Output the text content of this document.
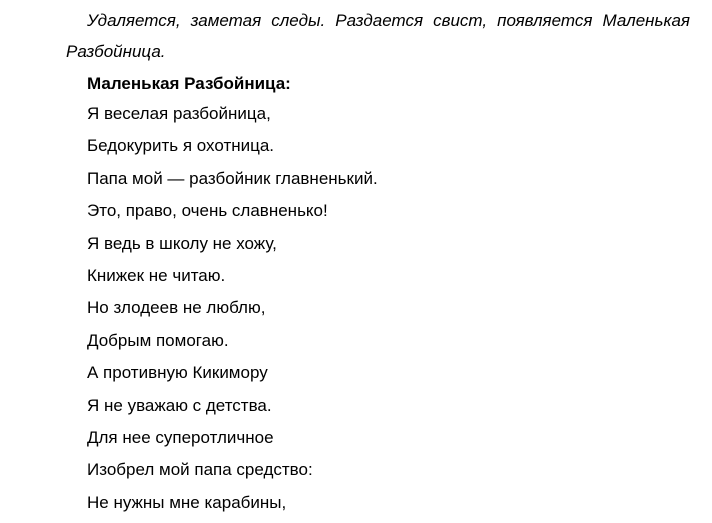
Удаляется, заметая следы. Раздается свист, появляется Маленькая Разбойница.

Маленькая Разбойница:

Я веселая разбойница,
Бедокурить я охотница.
Папа мой — разбойник главненький.
Это, право, очень славненько!
Я ведь в школу не хожу,
Книжек не читаю.
Но злодеев не люблю,
Добрым помогаю.
А противную Кикимору
Я не уважаю с детства.
Для нее суперотличное
Изобрел мой папа средство:
Не нужны мне карабины,
